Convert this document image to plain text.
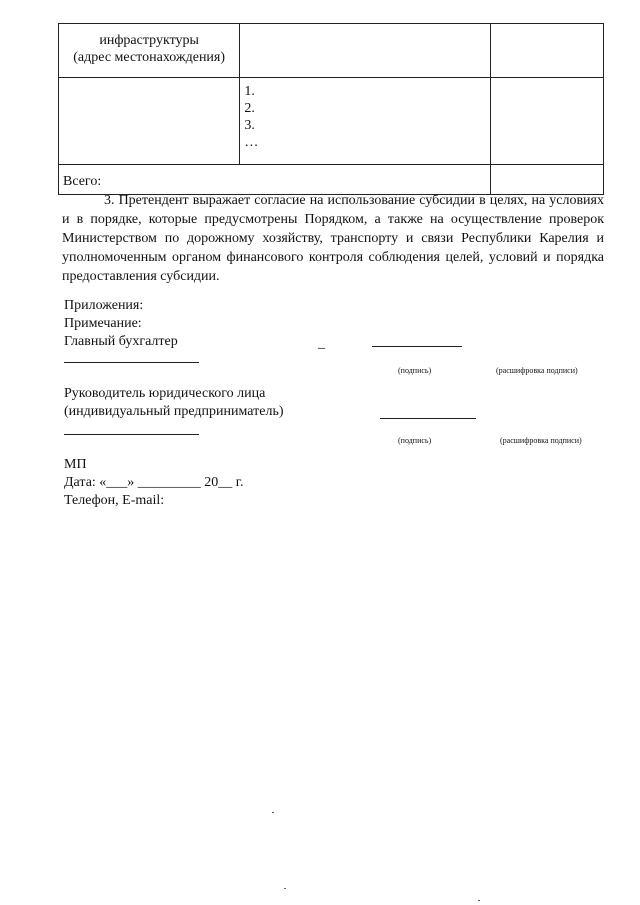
инфраструктуры
(адрес местонахождения)		

	1.
2.
3.
…	

Всего:		

3. Претендент выражает согласие на использование субсидии в целях, на условиях и в порядке, которые предусмотрены Порядком, а также на осуществление проверок Министерством по дорожному хозяйству, транспорту и связи Республики Карелия и уполномоченным органом финансового контроля соблюдения целей, условий и порядка предоставления субсидии.

Приложения:
Примечание:
Главный бухгалтер	_
(подпись)	(расшифровка подписи)
Руководитель юридического лица
(индивидуальный предприниматель)
(подпись)	(расшифровка подписи)
МП
Дата: «___» _________ 20__ г.
Телефон, E-mail:
